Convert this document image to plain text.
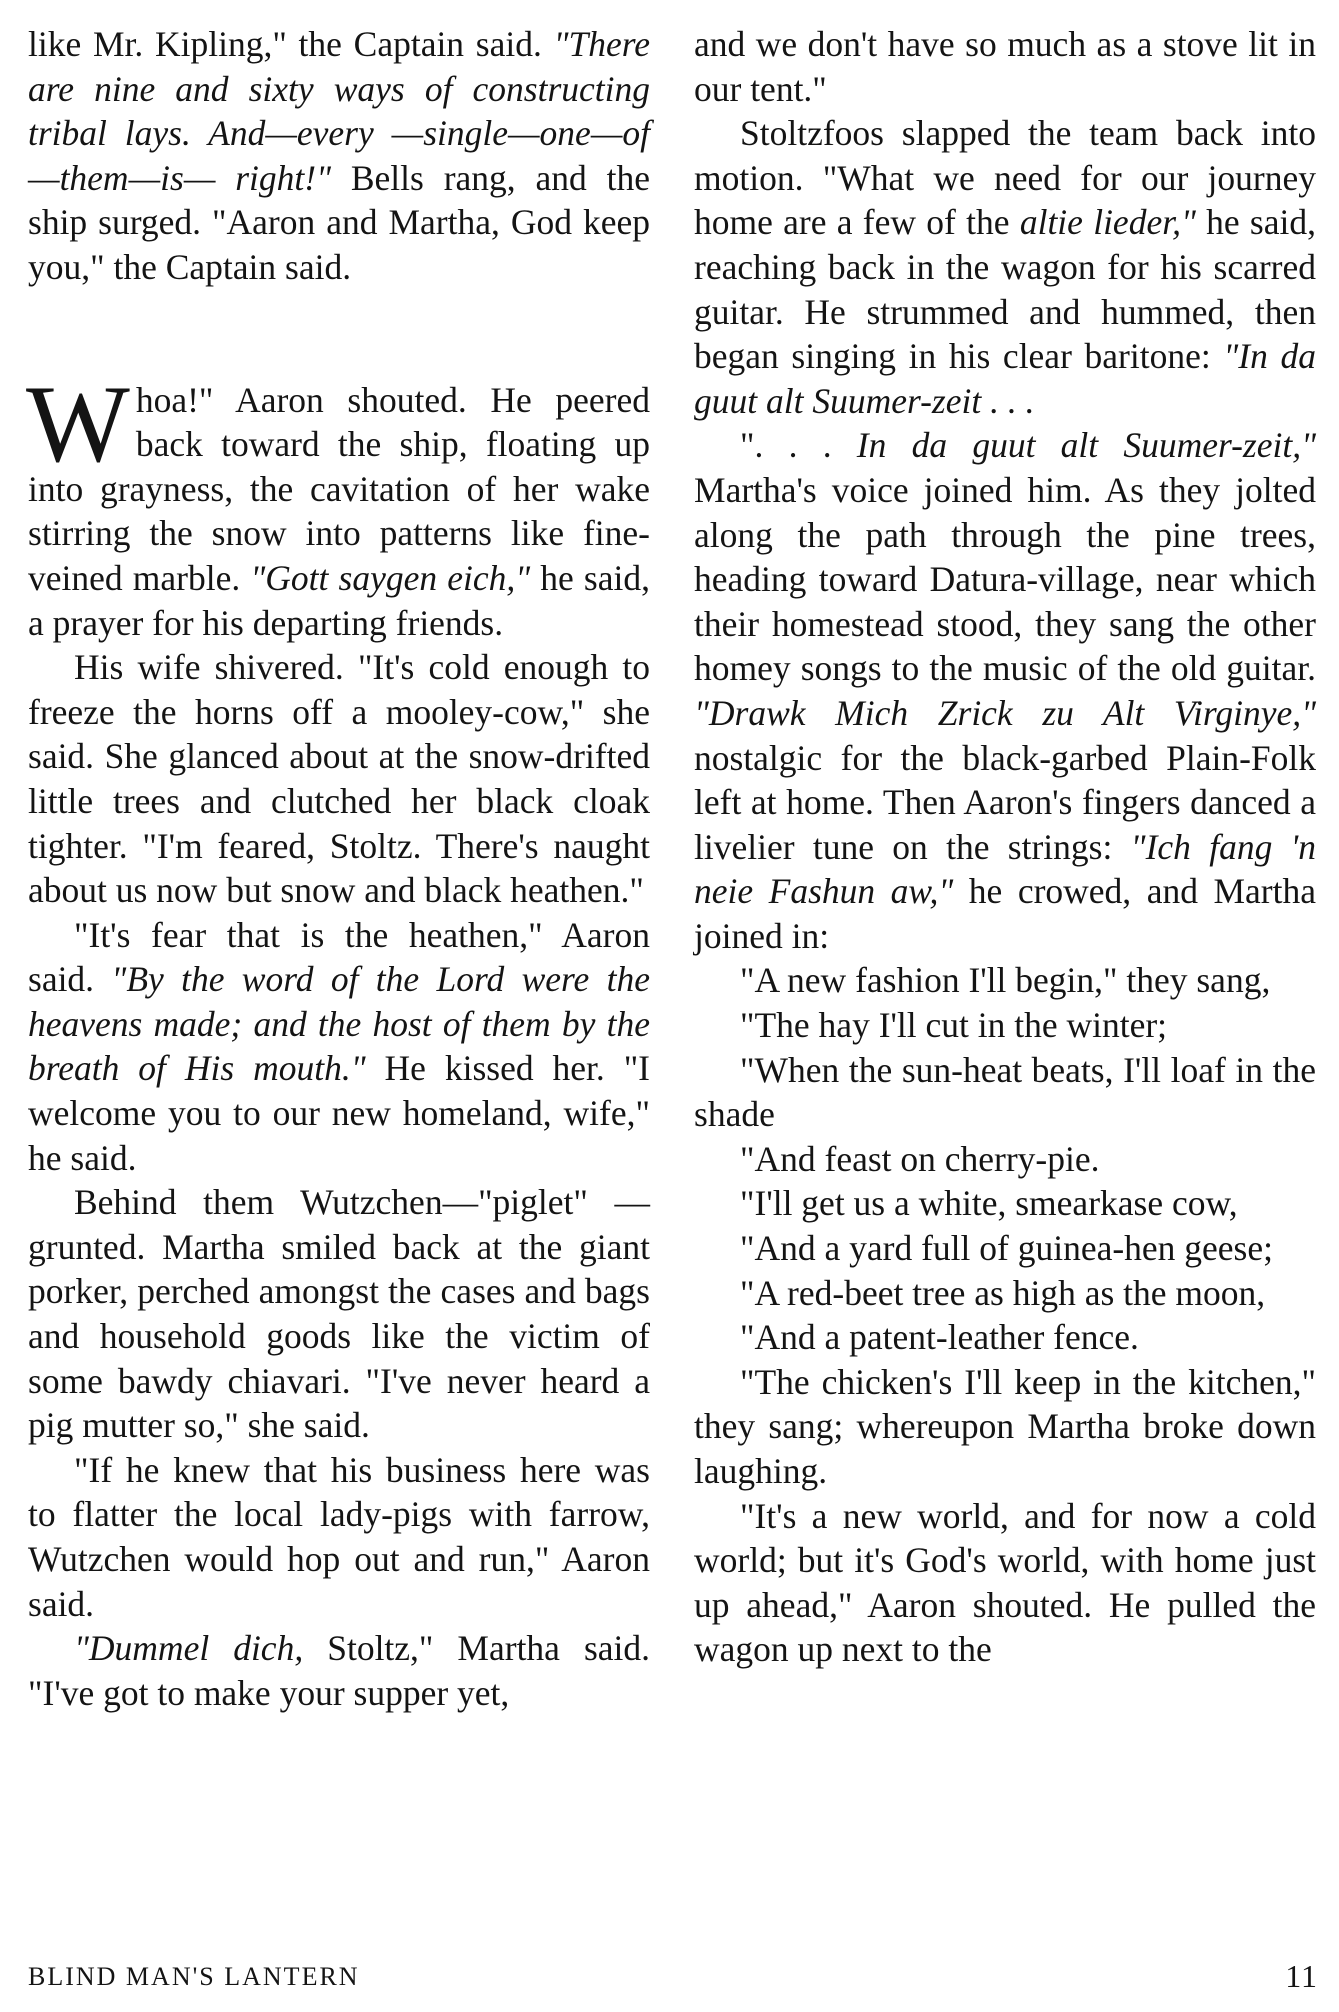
like Mr. Kipling," the Captain said. "There are nine and sixty ways of constructing tribal lays. And—every —single—one—of—them—is— right!" Bells rang, and the ship surged. "Aaron and Martha, God keep you," the Captain said.

Whoa!" Aaron shouted. He peered back toward the ship, floating up into grayness, the cavitation of her wake stirring the snow into patterns like fine-veined marble. "Gott saygen eich," he said, a prayer for his departing friends.

His wife shivered. "It's cold enough to freeze the horns off a mooley-cow," she said. She glanced about at the snow-drifted little trees and clutched her black cloak tighter. "I'm feared, Stoltz. There's naught about us now but snow and black heathen."

"It's fear that is the heathen," Aaron said. "By the word of the Lord were the heavens made; and the host of them by the breath of His mouth." He kissed her. "I welcome you to our new homeland, wife," he said.

Behind them Wutzchen—"piglet" —grunted. Martha smiled back at the giant porker, perched amongst the cases and bags and household goods like the victim of some bawdy chiavari. "I've never heard a pig mutter so," she said.

"If he knew that his business here was to flatter the local lady-pigs with farrow, Wutzchen would hop out and run," Aaron said.

"Dummel dich, Stoltz," Martha said. "I've got to make your supper yet,

and we don't have so much as a stove lit in our tent."

Stoltzfoos slapped the team back into motion. "What we need for our journey home are a few of the altie lieder," he said, reaching back in the wagon for his scarred guitar. He strummed and hummed, then began singing in his clear baritone: "In da guut alt Suumer-zeit . . .

". . . In da guut alt Suumer-zeit," Martha's voice joined him. As they jolted along the path through the pine trees, heading toward Datura-village, near which their homestead stood, they sang the other homey songs to the music of the old guitar. "Drawk Mich Zrick zu Alt Virginye," nostalgic for the black-garbed Plain-Folk left at home. Then Aaron's fingers danced a livelier tune on the strings: "Ich fang 'n neie Fashun aw," he crowed, and Martha joined in:

"A new fashion I'll begin," they sang,

"The hay I'll cut in the winter;

"When the sun-heat beats, I'll loaf in the shade

"And feast on cherry-pie.

"I'll get us a white, smearkase cow,

"And a yard full of guinea-hen geese;

"A red-beet tree as high as the moon,

"And a patent-leather fence.

"The chicken's I'll keep in the kitchen," they sang; whereupon Martha broke down laughing.

"It's a new world, and for now a cold world; but it's God's world, with home just up ahead," Aaron shouted. He pulled the wagon up next to the

BLIND MAN'S LANTERN	11
